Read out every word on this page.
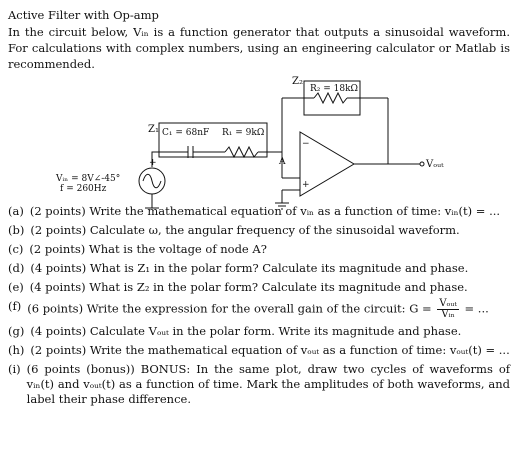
Active Filter with Op-amp
In the circuit below, Vᵢₙ is a function generator that outputs a sinusoidal waveform. For calculations with complex numbers, using an engineering calculator or Matlab is recommended.
Z₁ C₁ = 68nF R₁ = 9kΩ
Z₂
R₂ = 18kΩ
A
−
+
+	Vₒᵤₜ
Vᵢₙ = 8V∠-45°
f = 260Hz
(a) (2 points) Write the mathematical equation of vᵢₙ as a function of time: vᵢₙ(t) = ...
(b) (2 points) Calculate ω, the angular frequency of the sinusoidal waveform.
(c) (2 points) What is the voltage of node A?
(d) (4 points) What is Z₁ in the polar form? Calculate its magnitude and phase.
(e) (4 points) What is Z₂ in the polar form? Calculate its magnitude and phase.
(f) (6 points) Write the expression for the overall gain of the circuit: $G = \frac{\text{Vₒᵤₜ}}{\text{Vᵢₙ}}$ = ...
(g) (4 points) Calculate Vₒᵤₜ in the polar form. Write its magnitude and phase.
(h) (2 points) Write the mathematical equation of vₒᵤₜ as a function of time: vₒᵤₜ(t) = ...
(i) (6 points (bonus)) BONUS: In the same plot, draw two cycles of waveforms of vᵢₙ(t) and vₒᵤₜ(t) as a function of time. Mark the amplitudes of both waveforms, and label their phase difference.
